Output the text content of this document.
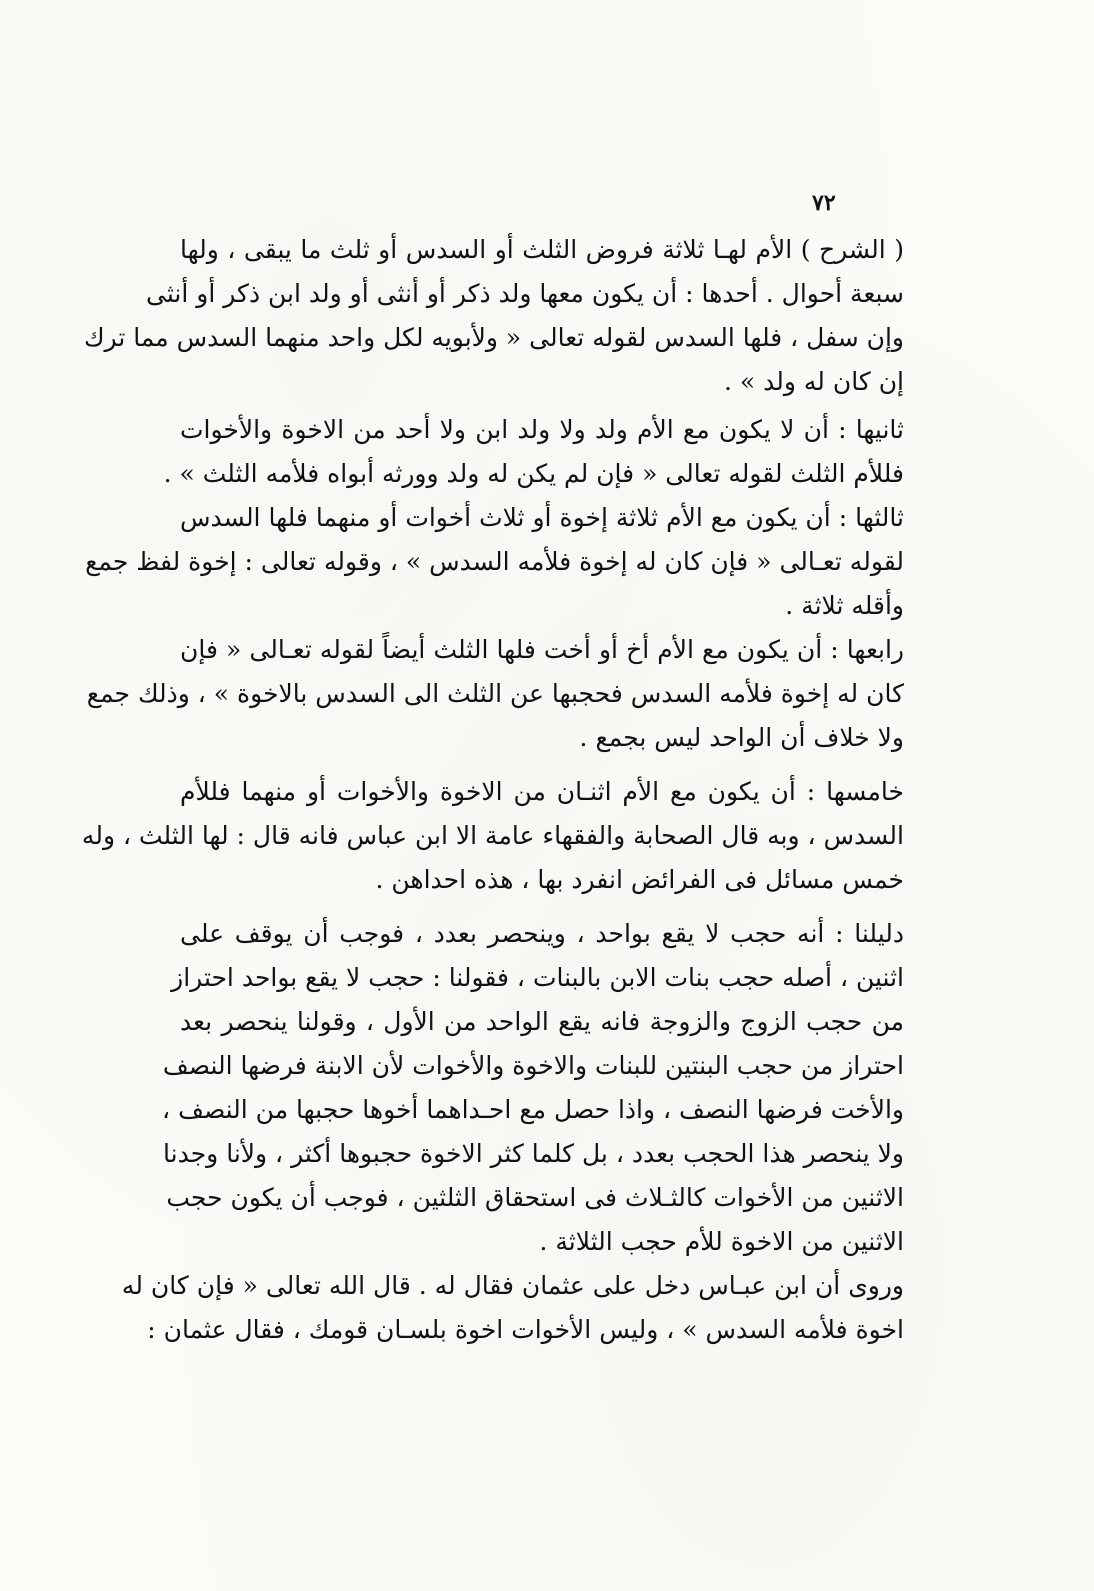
٧٢
( الشرح ) الأم لهـا ثلاثة فروض الثلث أو السدس أو ثلث ما يبقى ، ولها
سبعة أحوال . أحدها : أن يكون معها ولد ذكر أو أنثى أو ولد ابن ذكر أو أنثى
وإن سفل ، فلها السدس لقوله تعالى « ولأبويه لكل واحد منهما السدس مما ترك
إن كان له ولد » .
ثانيها : أن لا يكون مع الأم ولد ولا ولد ابن ولا أحد من الاخوة والأخوات
فللأم الثلث لقوله تعالى « فإن لم يكن له ولد وورثه أبواه فلأمه الثلث » .
ثالثها : أن يكون مع الأم ثلاثة إخوة أو ثلاث أخوات أو منهما فلها السدس
لقوله تعـالى « فإن كان له إخوة فلأمه السدس » ، وقوله تعالى : إخوة لفظ جمع
وأقله ثلاثة .
رابعها : أن يكون مع الأم أخ أو أخت فلها الثلث أيضاً لقوله تعـالى « فإن
كان له إخوة فلأمه السدس فحجبها عن الثلث الى السدس بالاخوة » ، وذلك جمع
ولا خلاف أن الواحد ليس بجمع .
خامسها : أن يكون مع الأم اثنـان من الاخوة والأخوات أو منهما فللأم
السدس ، وبه قال الصحابة والفقهاء عامة الا ابن عباس فانه قال : لها الثلث ، وله
خمس مسائل فى الفرائض انفرد بها ، هذه احداهن .
دليلنا : أنه حجب لا يقع بواحد ، وينحصر بعدد ، فوجب أن يوقف على
اثنين ، أصله حجب بنات الابن بالبنات ، فقولنا : حجب لا يقع بواحد احتراز
من حجب الزوج والزوجة فانه يقع الواحد من الأول ، وقولنا ينحصر بعد
احتراز من حجب البنتين للبنات والاخوة والأخوات لأن الابنة فرضها النصف
والأخت فرضها النصف ، واذا حصل مع احـداهما أخوها حجبها من النصف ،
ولا ينحصر هذا الحجب بعدد ، بل كلما كثر الاخوة حجبوها أكثر ، ولأنا وجدنا
الاثنين من الأخوات كالثـلاث فى استحقاق الثلثين ، فوجب أن يكون حجب
الاثنين من الاخوة للأم حجب الثلاثة .
وروى أن ابن عبـاس دخل على عثمان فقال له . قال الله تعالى « فإن كان له
اخوة فلأمه السدس » ، وليس الأخوات اخوة بلسـان قومك ، فقال عثمان :
